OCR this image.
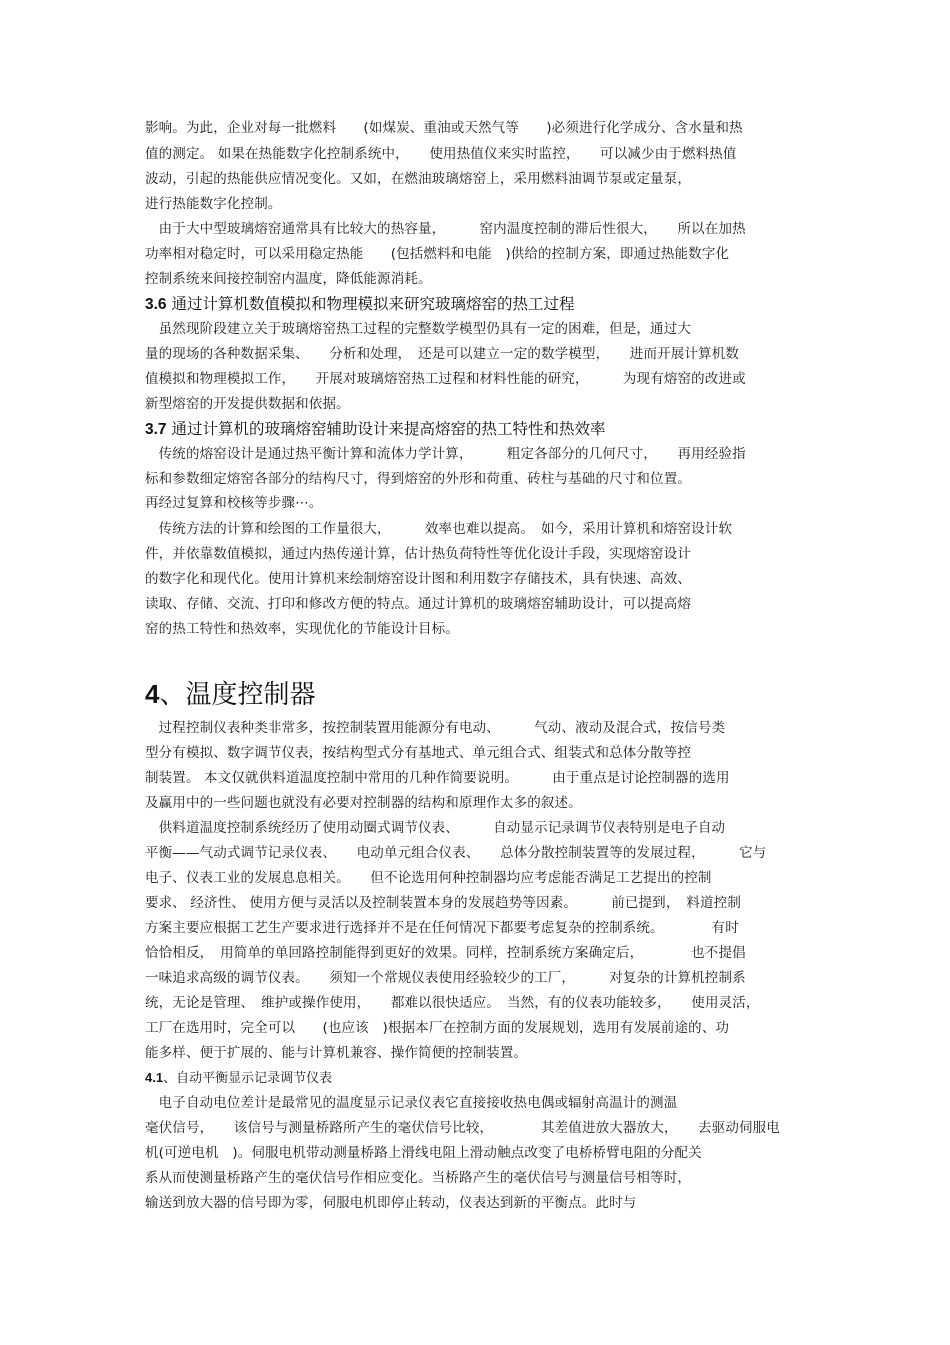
影响。为此，企业对每一批燃料　　(如煤炭、重油或天然气等　　)必须进行化学成分、含水量和热
值的测定。 如果在热能数字化控制系统中，　　使用热值仪来实时监控，　　可以减少由于燃料热值
波动，引起的热能供应情况变化。又如，在燃油玻璃熔窑上，采用燃料油调节泵或定量泵，
进行热能数字化控制。
　由于大中型玻璃熔窑通常具有比较大的热容量，　　　窑内温度控制的滞后性很大，　　所以在加热
功率相对稳定时，可以采用稳定热能　　(包括燃料和电能　)供给的控制方案，即通过热能数字化
控制系统来间接控制窑内温度，降低能源消耗。
3.6 通过计算机数值模拟和物理模拟来研究玻璃熔窑的热工过程
　虽然现阶段建立关于玻璃熔窑热工过程的完整数学模型仍具有一定的困难，但是，通过大
量的现场的各种数据采集、　　分析和处理，　还是可以建立一定的数学模型，　　进而开展计算机数
值模拟和物理模拟工作，　　开展对玻璃熔窑热工过程和材料性能的研究，　　　为现有熔窑的改进或
新型熔窑的开发提供数据和依据。
3.7 通过计算机的玻璃熔窑辅助设计来提高熔窑的热工特性和热效率
　传统的熔窑设计是通过热平衡计算和流体力学计算，　　　粗定各部分的几何尺寸，　　再用经验指
标和参数细定熔窑各部分的结构尺寸，得到熔窑的外形和荷重、砖柱与基础的尺寸和位置。
再经过复算和校核等步骤⋯。
　传统方法的计算和绘图的工作量很大，　　　效率也难以提高。　如今，采用计算机和熔窑设计软
件，并依靠数值模拟，通过内热传递计算，估计热负荷特性等优化设计手段，实现熔窑设计
的数字化和现代化。使用计算机来绘制熔窑设计图和利用数字存储技术，具有快速、高效、
读取、存储、交流、打印和修改方便的特点。通过计算机的玻璃熔窑辅助设计，可以提高熔
窑的热工特性和热效率，实现优化的节能设计目标。
4、温度控制器
　过程控制仪表种类非常多，按控制装置用能源分有电动、　　　气动、液动及混合式，按信号类
型分有模拟、数字调节仪表，按结构型式分有基地式、单元组合式、组装式和总体分散等控
制装置。 本文仅就供料道温度控制中常用的几种作简要说明。　　　由于重点是讨论控制器的选用
及赢用中的一些问题也就没有必要对控制器的结构和原理作太多的叙述。
　供料道温度控制系统经历了使用动圈式调节仪表、　　　自动显示记录调节仪表特别是电子自动
平衡——气动式调节记录仪表、　　电动单元组合仪表、　　总体分散控制装置等的发展过程，　　　它与
电子、仪表工业的发展息息相关。　　但不论选用何种控制器均应考虑能否满足工艺提出的控制
要求、 经济性、 使用方便与灵活以及控制装置本身的发展趋势等因素。　　　前已提到，　料道控制
方案主要应根据工艺生产要求进行选择并不是在任何情况下都要考虑复杂的控制系统。　　　　有时
恰恰相反，　用简单的单回路控制能得到更好的效果。同样，控制系统方案确定后，　　　　也不提倡
一味追求高级的调节仪表。　　须知一个常规仪表使用经验较少的工厂，　　　对复杂的计算机控制系
统，无论是管理、　维护或操作使用，　　都难以很快适应。　当然，有的仪表功能较多，　　使用灵活，
工厂在选用时，完全可以　　(也应该　)根据本厂在控制方面的发展规划，选用有发展前途的、功
能多样、便于扩展的、能与计算机兼容、操作简便的控制装置。
4.1、自动平衡显示记录调节仪表
　电子自动电位差计是最常见的温度显示记录仪表它直接接收热电偶或辐射高温计的测温
毫伏信号，　　该信号与测量桥路所产生的毫伏信号比较，　　　　其差值进放大器放大，　　去驱动伺服电
机(可逆电机　)。伺服电机带动测量桥路上滑线电阻上滑动触点改变了电桥桥臂电阻的分配关
系从而使测量桥路产生的毫伏信号作相应变化。当桥路产生的毫伏信号与测量信号相等时，
输送到放大器的信号即为零，伺服电机即停止转动，仪表达到新的平衡点。此时与
